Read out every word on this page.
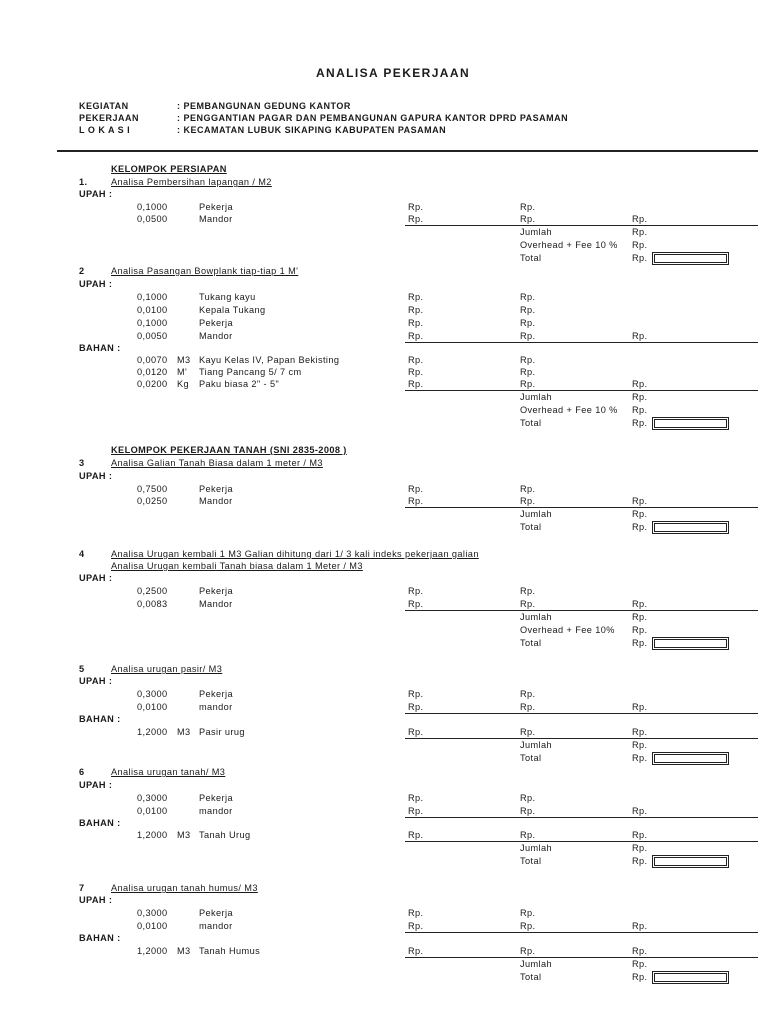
ANALISA PEKERJAAN
KEGIATAN	: PEMBANGUNAN GEDUNG KANTOR
PEKERJAAN	: PENGGANTIAN PAGAR DAN PEMBANGUNAN GAPURA KANTOR DPRD PASAMAN
L O K A S I	: KECAMATAN LUBUK SIKAPING KABUPATEN PASAMAN
KELOMPOK PERSIAPAN
1.	Analisa Pembersihan lapangan / M2
UPAH :
0,1000	Pekerja	Rp.	Rp.
0,0500	Mandor	Rp.	Rp.	Rp.
Jumlah	Rp.
Overhead + Fee 10 % Rp.
Total	Rp.
2	Analisa Pasangan Bowplank tiap-tiap 1 M'
UPAH :
0,1000	Tukang kayu	Rp.	Rp.
0,0100	Kepala Tukang	Rp.	Rp.
0,1000	Pekerja	Rp.	Rp.
0,0050	Mandor	Rp.	Rp.	Rp.
BAHAN :
0,0070 M3 Kayu Kelas IV, Papan Bekisting	Rp.	Rp.
0,0120 M' Tiang Pancang 5/ 7 cm	Rp.	Rp.
0,0200 Kg Paku biasa 2" - 5"	Rp.	Rp.	Rp.
Jumlah	Rp.
Overhead + Fee 10 % Rp.
Total	Rp.
KELOMPOK PEKERJAAN TANAH (SNI 2835-2008 )
3	Analisa Galian Tanah Biasa dalam 1 meter / M3
UPAH :
0,7500	Pekerja	Rp.	Rp.
0,0250	Mandor	Rp.	Rp.	Rp.
Jumlah	Rp.
Total	Rp.
4	Analisa Urugan kembali 1 M3 Galian dihitung dari 1/ 3 kali indeks pekerjaan galian
Analisa Urugan kembali Tanah biasa dalam 1 Meter / M3
UPAH :
0,2500	Pekerja	Rp.	Rp.
0,0083	Mandor	Rp.	Rp.	Rp.
Jumlah	Rp.
Overhead + Fee 10% Rp.
Total	Rp.
5	Analisa urugan pasir/ M3
UPAH :
0,3000	Pekerja	Rp.	Rp.
0,0100	mandor	Rp.	Rp.	Rp.
BAHAN :
1,2000 M3 Pasir urug	Rp.	Rp.	Rp.
Jumlah	Rp.
Total	Rp.
6	Analisa urugan tanah/ M3
UPAH :
0,3000	Pekerja	Rp.	Rp.
0,0100	mandor	Rp.	Rp.	Rp.
BAHAN :
1,2000 M3 Tanah Urug	Rp.	Rp.	Rp.
Jumlah	Rp.
Total	Rp.
7	Analisa urugan tanah humus/ M3
UPAH :
0,3000	Pekerja	Rp.	Rp.
0,0100	mandor	Rp.	Rp.	Rp.
BAHAN :
1,2000 M3 Tanah Humus	Rp.	Rp.	Rp.
Jumlah	Rp.
Total	Rp.
